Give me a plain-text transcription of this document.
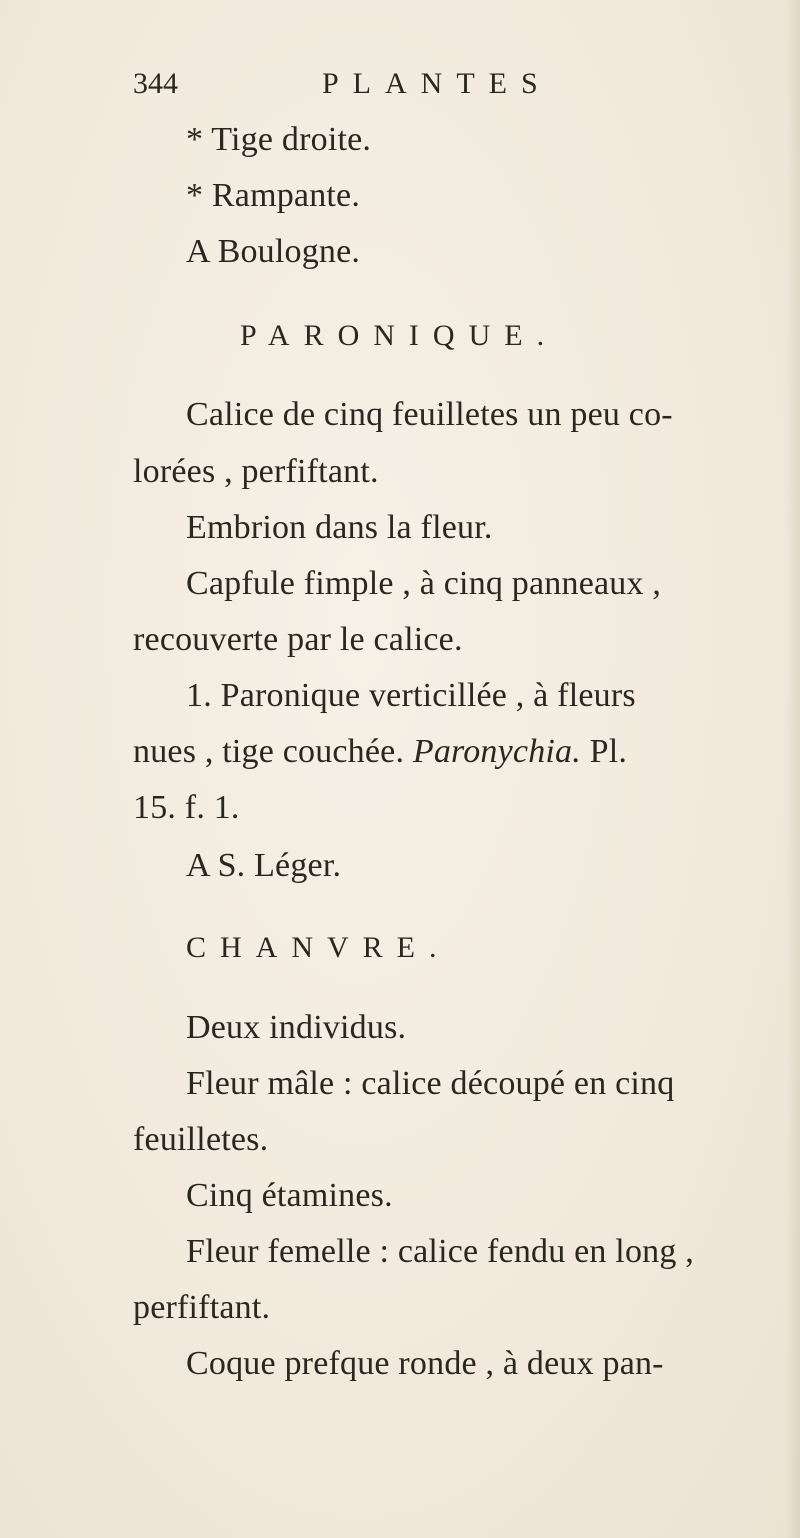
344	PLANTES
* Tige droite.
* Rampante.
A Boulogne.
PARONIQUE.
Calice de cinq feuilletes un peu co-
lorées , perfiftant.
Embrion dans la fleur.
Capfule fimple , à cinq panneaux ,
recouverte par le calice.
1. Paronique verticillée , à fleurs
nues , tige couchée. Paronychia. Pl.
15. f. 1.
A S. Léger.
CHANVRE.
Deux individus.
Fleur mâle : calice découpé en cinq
feuilletes.
Cinq étamines.
Fleur femelle : calice fendu en long ,
perfiftant.
Coque prefque ronde , à deux pan-
